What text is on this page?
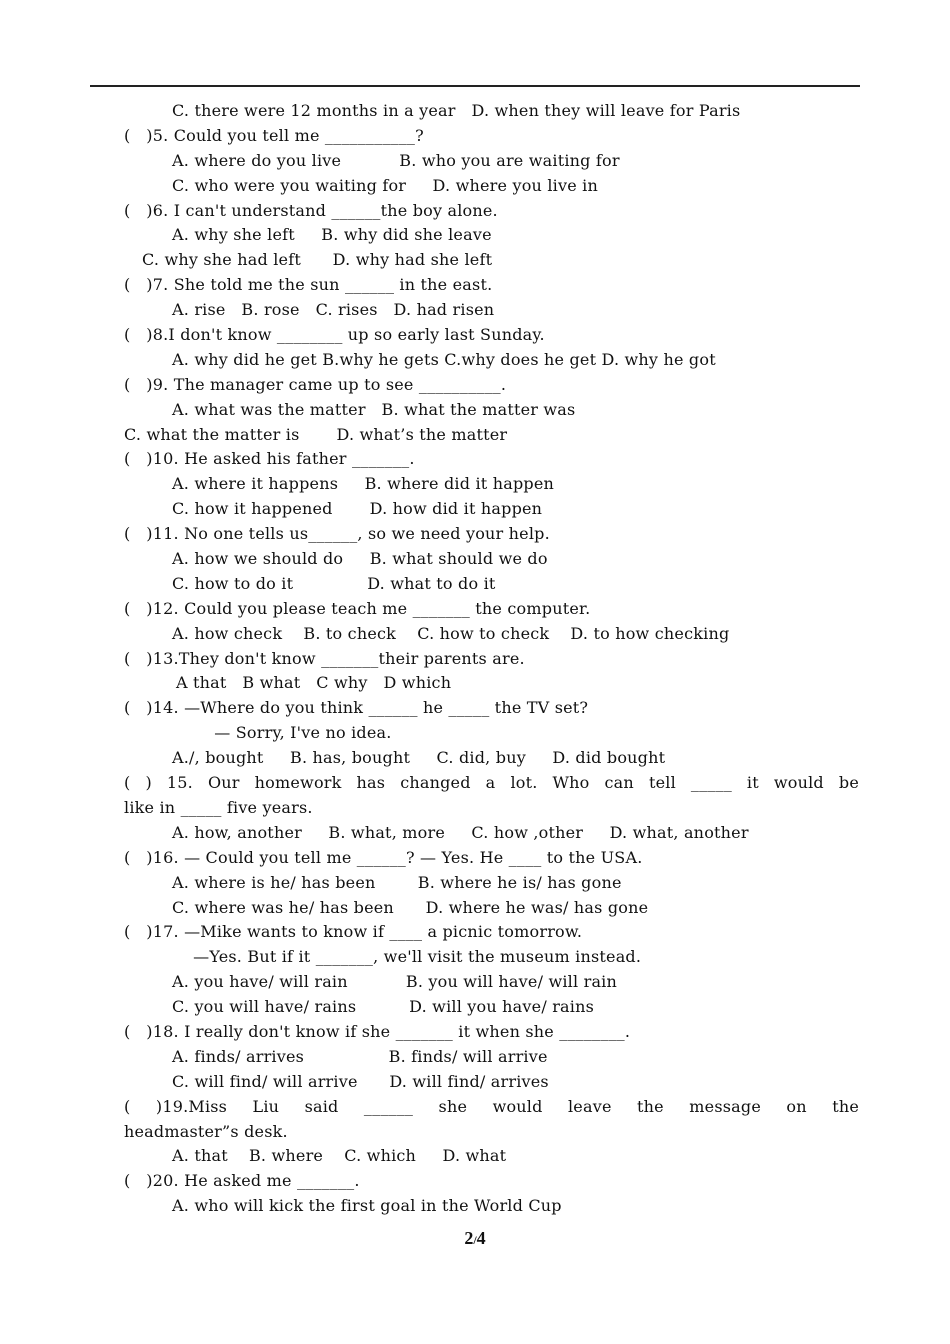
C. there were 12 months in a year   D. when they will leave for Paris
(   )5. Could you tell me ___________?
A. where do you live           B. who you are waiting for
C. who were you waiting for     D. where you live in
(   )6. I can't understand ______the boy alone.
A. why she left     B. why did she leave
C. why she had left      D. why had she left
(   )7. She told me the sun ______ in the east.
A. rise   B. rose   C. rises   D. had risen
(   )8.I don't know ________ up so early last Sunday.
A. why did he get B.why he gets C.why does he get D. why he got
(   )9. The manager came up to see __________.
A. what was the matter   B. what the matter was
C. what the matter is       D. what’s the matter
(   )10. He asked his father _______.
A. where it happens     B. where did it happen
C. how it happened       D. how did it happen
(   )11. No one tells us______, so we need your help.
A. how we should do     B. what should we do
C. how to do it              D. what to do it
(   )12. Could you please teach me _______ the computer.
A. how check    B. to check    C. how to check    D. to how checking
(   )13.They don't know _______their parents are.
A that   B what   C why   D which
(   )14. —Where do you think ______ he _____ the TV set?
— Sorry, I've no idea.
A./, bought     B. has, bought     C. did, buy     D. did bought
( ) 15. Our homework has changed a lot. Who can tell _____ it would be
like in _____ five years.
A. how, another     B. what, more     C. how ,other     D. what, another
(   )16. — Could you tell me ______? — Yes. He ____ to the USA.
A. where is he/ has been        B. where he is/ has gone
C. where was he/ has been      D. where he was/ has gone
(   )17. —Mike wants to know if ____ a picnic tomorrow.
—Yes. But if it _______, we'll visit the museum instead.
A. you have/ will rain           B. you will have/ will rain
C. you will have/ rains          D. will you have/ rains
(   )18. I really don't know if she _______ it when she ________.
A. finds/ arrives                B. finds/ will arrive
C. will find/ will arrive      D. will find/ arrives
( )19.Miss Liu said ______ she would leave the message on the
headmaster”s desk.
A. that    B. where    C. which     D. what
(   )20. He asked me _______.
A. who will kick the first goal in the World Cup
2/4
